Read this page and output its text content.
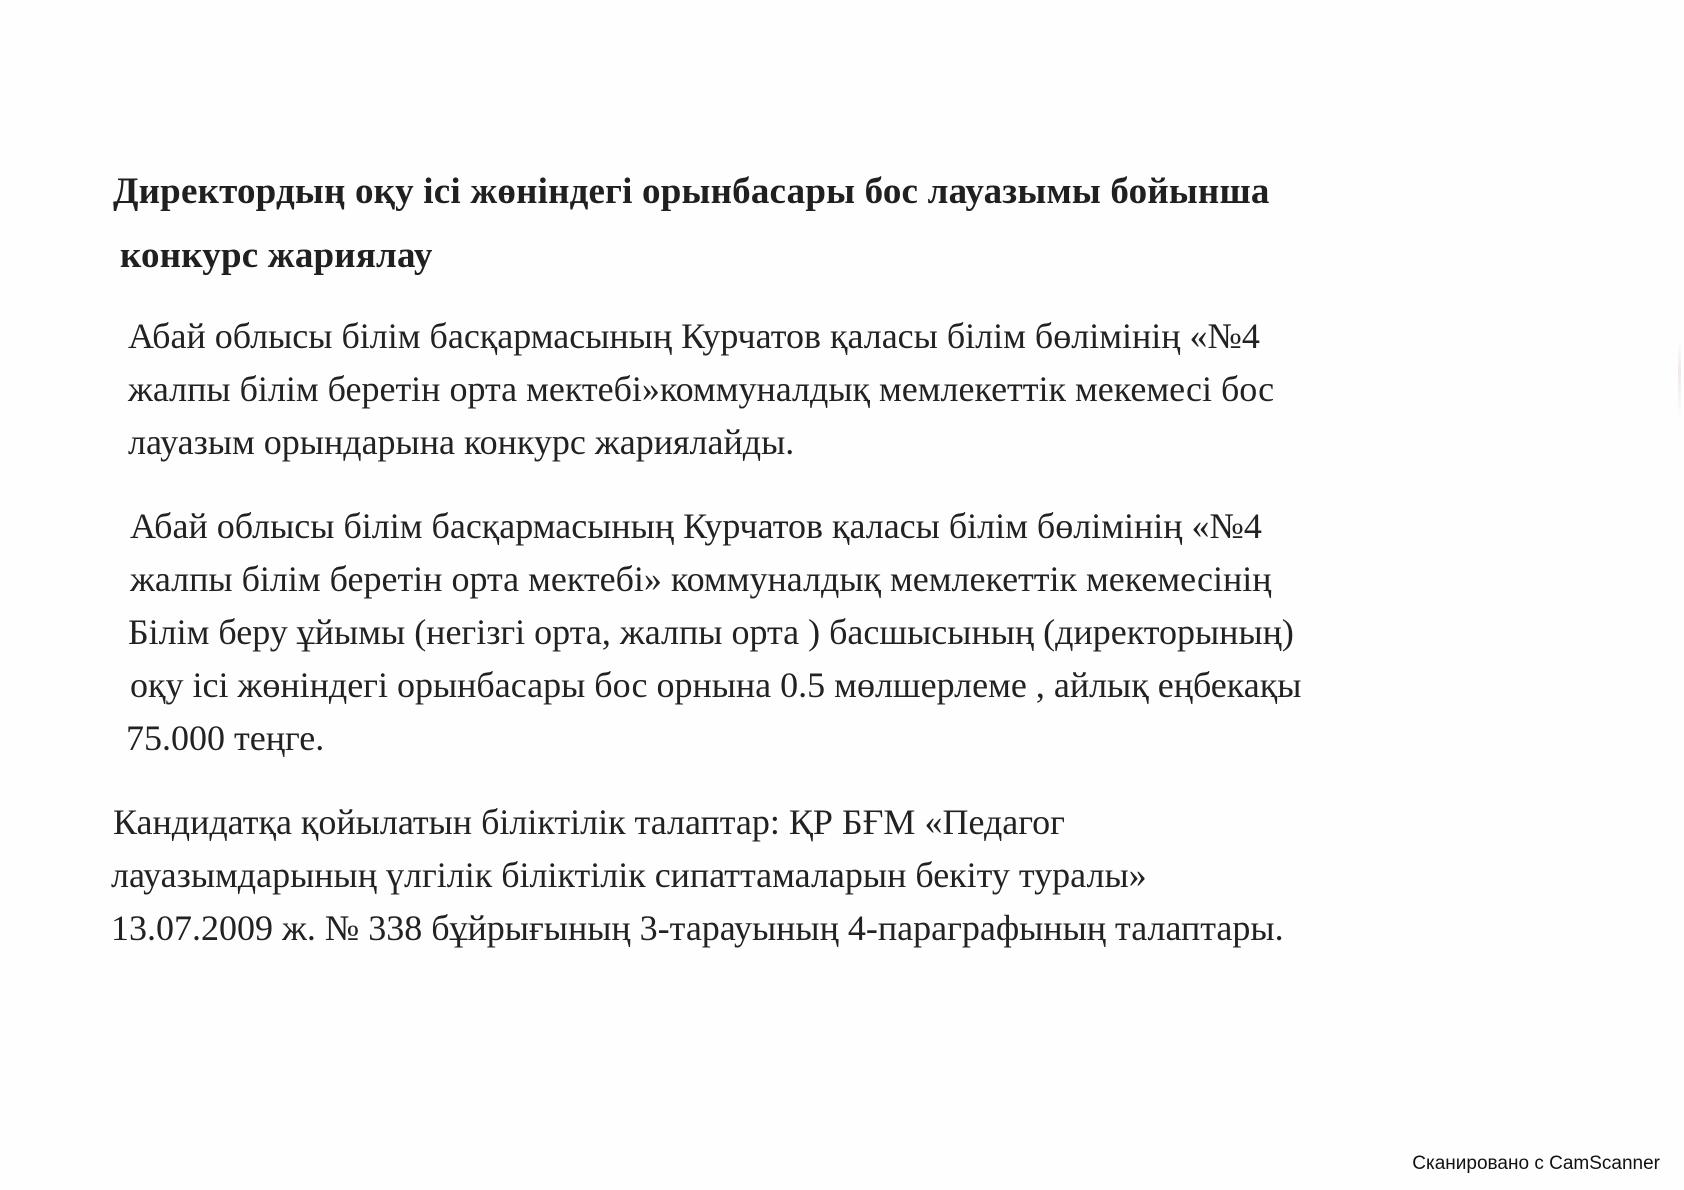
Директордың оқу ісі жөніндегі орынбасары бос лауазымы бойынша
конкурс жариялау
Абай облысы білім басқармасының Курчатов қаласы білім бөлімінің «№4
жалпы білім беретін орта мектебі»коммуналдық мемлекеттік мекемесі бос
лауазым орындарына конкурс жариялайды.
Абай облысы білім басқармасының Курчатов қаласы білім бөлімінің «№4
жалпы білім беретін орта мектебі» коммуналдық мемлекеттік мекемесінің
Білім беру ұйымы (негізгі орта, жалпы орта ) басшысының (директорының)
оқу ісі жөніндегі орынбасары бос орнына 0.5 мөлшерлеме , айлық еңбекақы
75.000 теңге.
Кандидатқа қойылатын біліктілік талаптар: ҚР БҒМ «Педагог
лауазымдарының үлгілік біліктілік сипаттамаларын бекіту туралы»
13.07.2009 ж. № 338 бұйрығының 3-тарауының 4-параграфының талаптары.
Сканировано с CamScanner
